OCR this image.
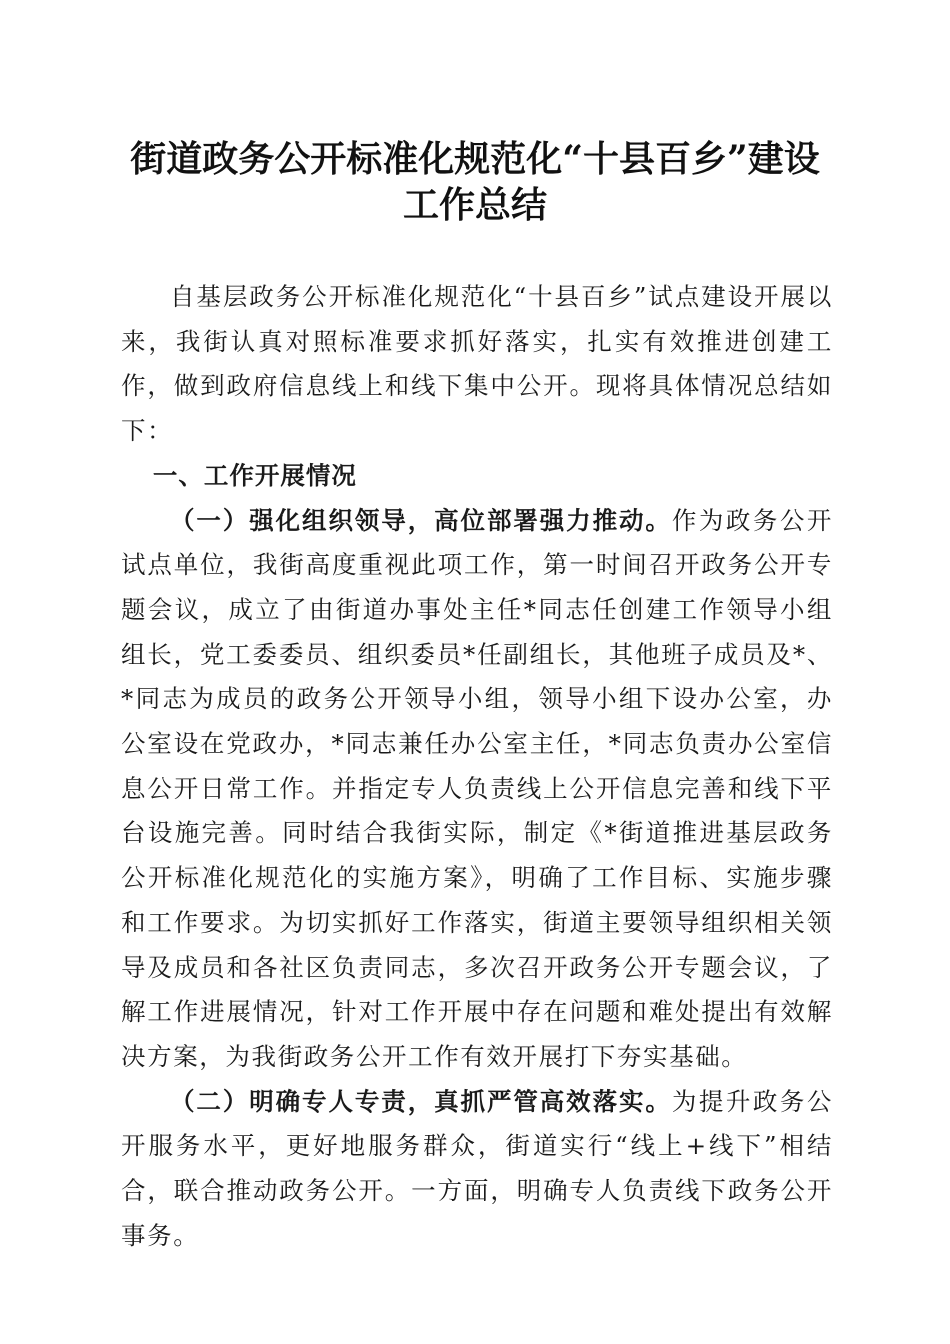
街道政务公开标准化规范化“十县百乡”建设
工作总结

自基层政务公开标准化规范化“十县百乡”试点建设开展以来，我街认真对照标准要求抓好落实，扎实有效推进创建工作，做到政府信息线上和线下集中公开。现将具体情况总结如下：

一、工作开展情况

（一）强化组织领导，高位部署强力推动。作为政务公开试点单位，我街高度重视此项工作，第一时间召开政务公开专题会议，成立了由街道办事处主任*同志任创建工作领导小组组长，党工委委员、组织委员*任副组长，其他班子成员及*、*同志为成员的政务公开领导小组，领导小组下设办公室，办公室设在党政办，*同志兼任办公室主任，*同志负责办公室信息公开日常工作。并指定专人负责线上公开信息完善和线下平台设施完善。同时结合我街实际，制定《*街道推进基层政务公开标准化规范化的实施方案》，明确了工作目标、实施步骤和工作要求。为切实抓好工作落实，街道主要领导组织相关领导及成员和各社区负责同志，多次召开政务公开专题会议，了解工作进展情况，针对工作开展中存在问题和难处提出有效解决方案，为我街政务公开工作有效开展打下夯实基础。

（二）明确专人专责，真抓严管高效落实。为提升政务公开服务水平，更好地服务群众，街道实行“线上+线下”相结合，联合推动政务公开。一方面，明确专人负责线下政务公开事务。
